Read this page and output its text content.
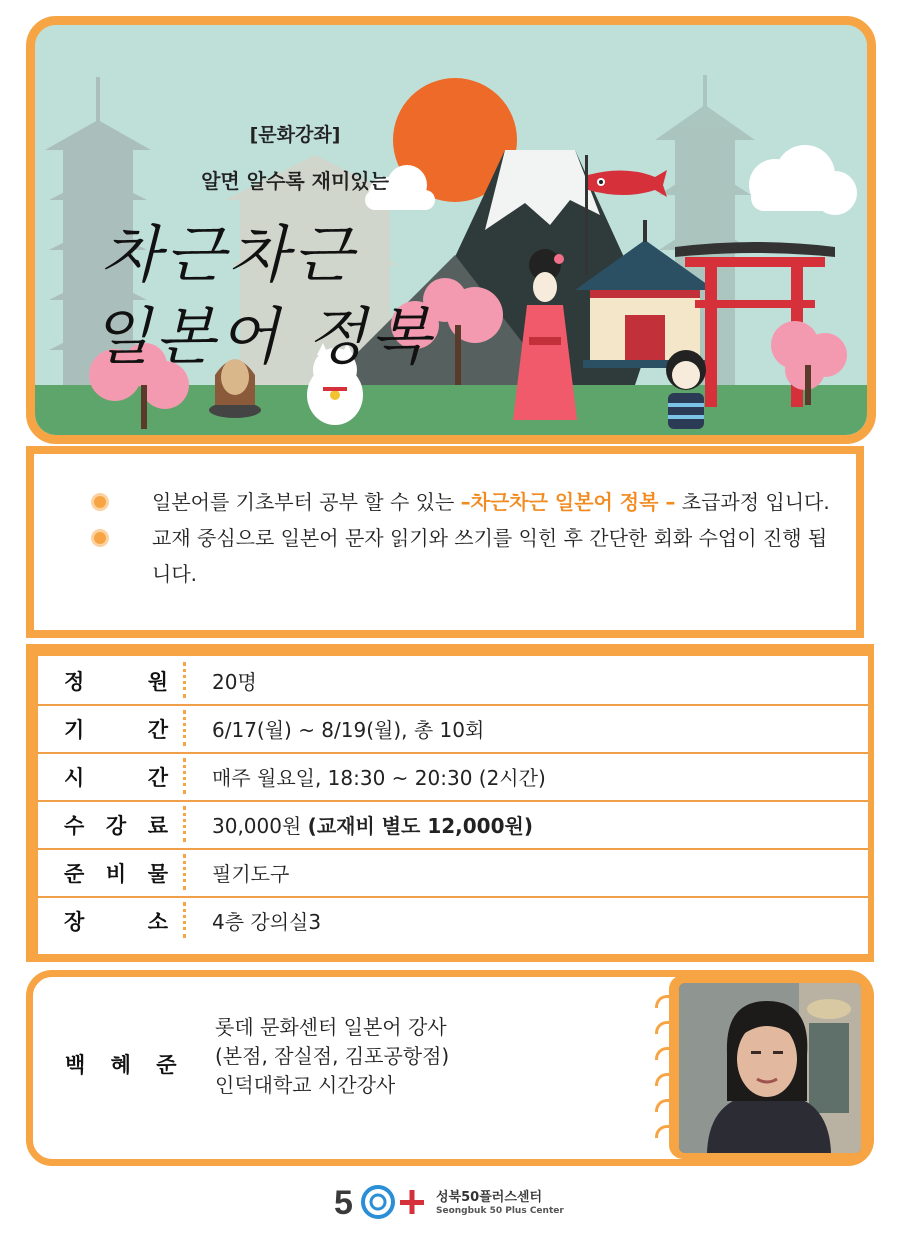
[문화강좌]
알면 알수록 재미있는
차근차근
일본어 정복
일본어를 기초부터 공부 할 수 있는 –차근차근 일본어 정복 – 초급과정 입니다.
교재 중심으로 일본어 문자 읽기와 쓰기를 익힌 후 간단한 회화 수업이 진행 됩니다.
정	원 20명
기	간 6/17(월) ~ 8/19(월), 총 10회
시	간 매주 월요일, 18:30 ~ 20:30 (2시간)
수 강 료 30,000원 (교재비 별도 12,000원)
준 비 물 필기도구
장	소 4층 강의실3
백 혜 준
롯데 문화센터 일본어 강사
(본점, 잠실점, 김포공항점)
인덕대학교 시간강사
5	성북50플러스센터
Seongbuk 50 Plus Center
